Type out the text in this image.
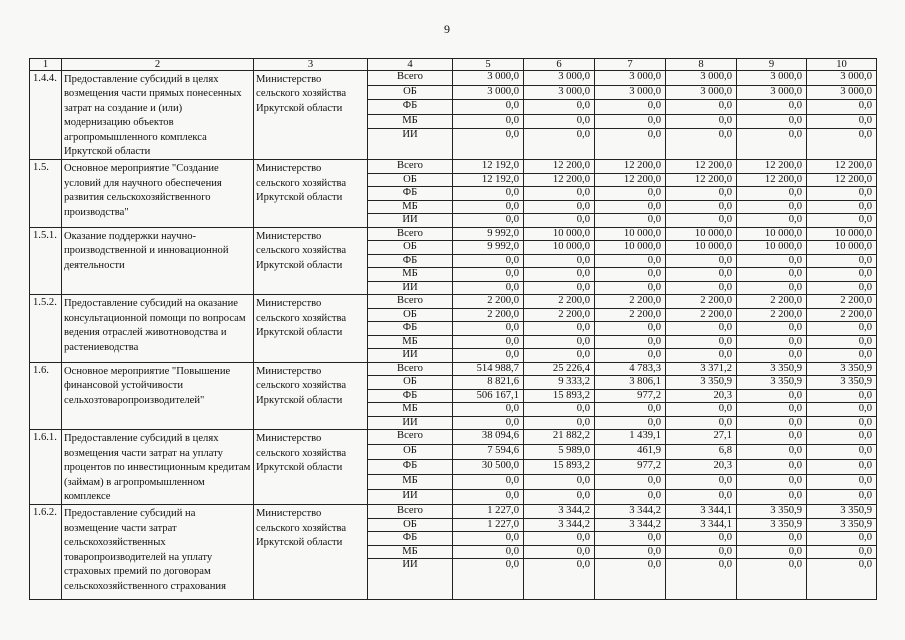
9
1	2	3	4	5	6	7	8	9	10
1.4.4.	Предоставление субсидий в целях возмещения части прямых понесенных затрат на создание и (или) модернизацию объектов агропромышленного комплекса Иркутской области	Министерство сельского хозяйства Иркутской области	Всего	3 000,0	3 000,0	3 000,0	3 000,0	3 000,0	3 000,0
			ОБ	3 000,0	3 000,0	3 000,0	3 000,0	3 000,0	3 000,0
			ФБ	0,0	0,0	0,0	0,0	0,0	0,0
			МБ	0,0	0,0	0,0	0,0	0,0	0,0
			ИИ	0,0	0,0	0,0	0,0	0,0	0,0
1.5.	Основное мероприятие "Создание условий для научного обеспечения развития сельскохозяйственного производства"	Министерство сельского хозяйства Иркутской области	Всего	12 192,0	12 200,0	12 200,0	12 200,0	12 200,0	12 200,0
			ОБ	12 192,0	12 200,0	12 200,0	12 200,0	12 200,0	12 200,0
			ФБ	0,0	0,0	0,0	0,0	0,0	0,0
			МБ	0,0	0,0	0,0	0,0	0,0	0,0
			ИИ	0,0	0,0	0,0	0,0	0,0	0,0
1.5.1.	Оказание поддержки научно-производственной и инновационной деятельности	Министерство сельского хозяйства Иркутской области	Всего	9 992,0	10 000,0	10 000,0	10 000,0	10 000,0	10 000,0
			ОБ	9 992,0	10 000,0	10 000,0	10 000,0	10 000,0	10 000,0
			ФБ	0,0	0,0	0,0	0,0	0,0	0,0
			МБ	0,0	0,0	0,0	0,0	0,0	0,0
			ИИ	0,0	0,0	0,0	0,0	0,0	0,0
1.5.2.	Предоставление субсидий на оказание консультационной помощи по вопросам ведения отраслей животноводства и растениеводства	Министерство сельского хозяйства Иркутской области	Всего	2 200,0	2 200,0	2 200,0	2 200,0	2 200,0	2 200,0
			ОБ	2 200,0	2 200,0	2 200,0	2 200,0	2 200,0	2 200,0
			ФБ	0,0	0,0	0,0	0,0	0,0	0,0
			МБ	0,0	0,0	0,0	0,0	0,0	0,0
			ИИ	0,0	0,0	0,0	0,0	0,0	0,0
1.6.	Основное мероприятие "Повышение финансовой устойчивости сельхозтоваропроизводителей"	Министерство сельского хозяйства Иркутской области	Всего	514 988,7	25 226,4	4 783,3	3 371,2	3 350,9	3 350,9
			ОБ	8 821,6	9 333,2	3 806,1	3 350,9	3 350,9	3 350,9
			ФБ	506 167,1	15 893,2	977,2	20,3	0,0	0,0
			МБ	0,0	0,0	0,0	0,0	0,0	0,0
			ИИ	0,0	0,0	0,0	0,0	0,0	0,0
1.6.1.	Предоставление субсидий в целях возмещения части затрат на уплату процентов по инвестиционным кредитам (займам) в агропромышленном комплексе	Министерство сельского хозяйства Иркутской области	Всего	38 094,6	21 882,2	1 439,1	27,1	0,0	0,0
			ОБ	7 594,6	5 989,0	461,9	6,8	0,0	0,0
			ФБ	30 500,0	15 893,2	977,2	20,3	0,0	0,0
			МБ	0,0	0,0	0,0	0,0	0,0	0,0
			ИИ	0,0	0,0	0,0	0,0	0,0	0,0
1.6.2.	Предоставление субсидий на возмещение части затрат сельскохозяйственных товаропроизводителей на уплату страховых премий по договорам сельскохозяйственного страхования	Министерство сельского хозяйства Иркутской области	Всего	1 227,0	3 344,2	3 344,2	3 344,1	3 350,9	3 350,9
			ОБ	1 227,0	3 344,2	3 344,2	3 344,1	3 350,9	3 350,9
			ФБ	0,0	0,0	0,0	0,0	0,0	0,0
			МБ	0,0	0,0	0,0	0,0	0,0	0,0
			ИИ	0,0	0,0	0,0	0,0	0,0	0,0
